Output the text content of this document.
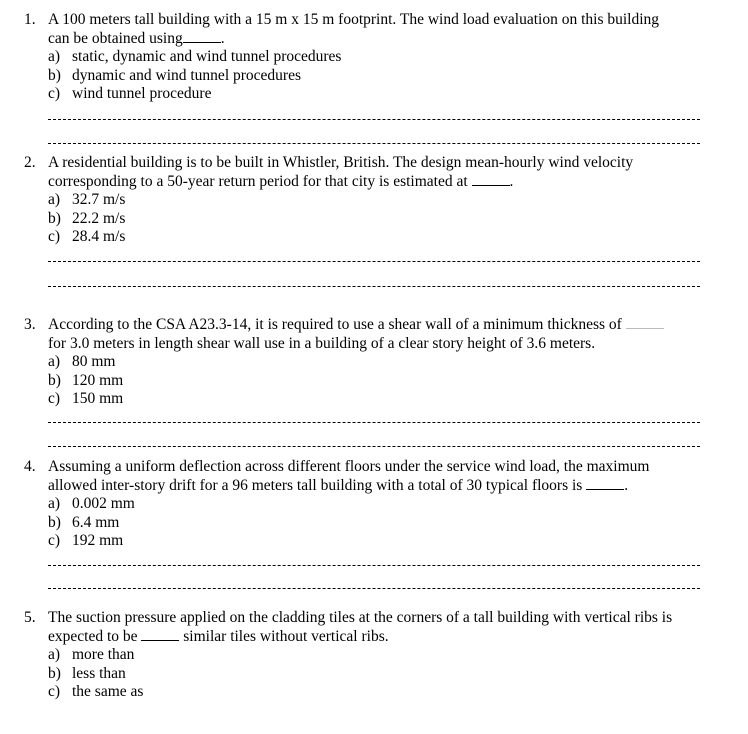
1. A 100 meters tall building with a 15 m x 15 m footprint. The wind load evaluation on this building
can be obtained using .
a) static, dynamic and wind tunnel procedures
b) dynamic and wind tunnel procedures
c) wind tunnel procedure
2. A residential building is to be built in Whistler, British. The design mean-hourly wind velocity
corresponding to a 50-year return period for that city is estimated at	.
a) 32.7 m/s
b) 22.2 m/s
c) 28.4 m/s
3. According to the CSA A23.3-14, it is required to use a shear wall of a minimum thickness of
for 3.0 meters in length shear wall use in a building of a clear story height of 3.6 meters.
a) 80 mm
b) 120 mm
c) 150 mm
4. Assuming a uniform deflection across different floors under the service wind load, the maximum
allowed inter-story drift for a 96 meters tall building with a total of 30 typical floors is	.
a) 0.002 mm
b) 6.4 mm
c) 192 mm
5. The suction pressure applied on the cladding tiles at the corners of a tall building with vertical ribs is
expected to be	similar tiles without vertical ribs.
a) more than
b) less than
c) the same as
